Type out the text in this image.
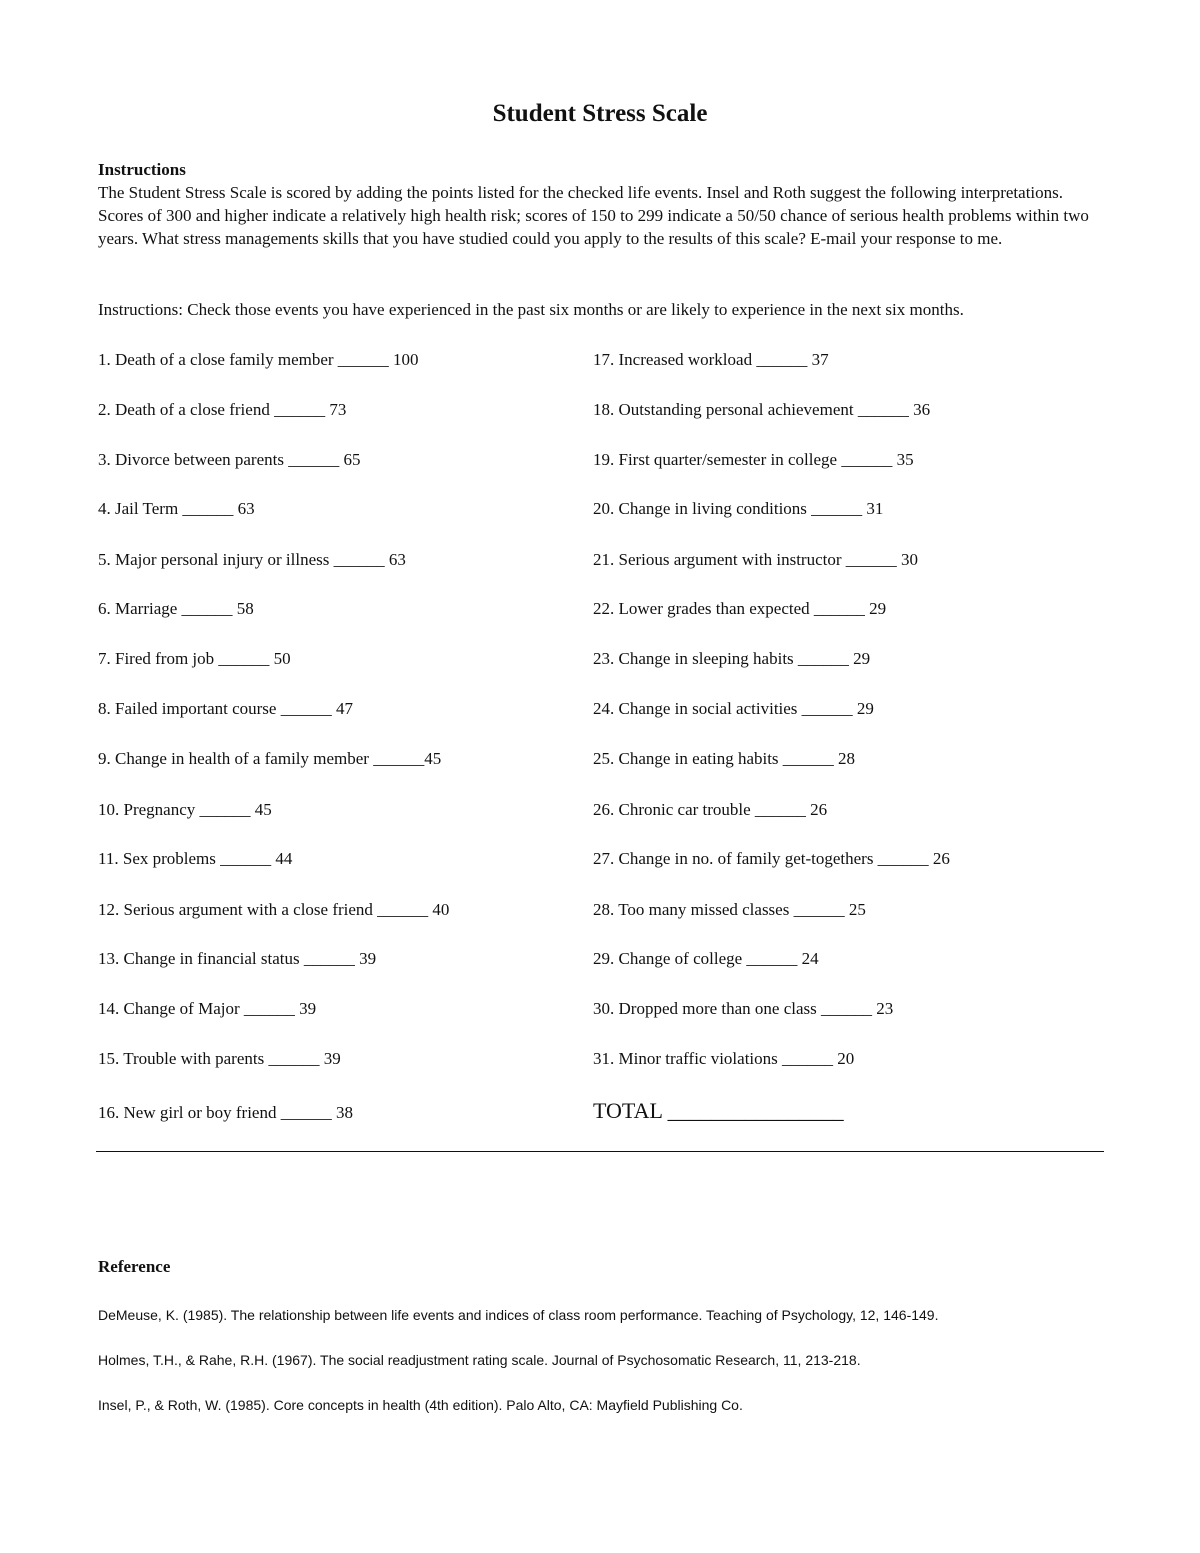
Student Stress Scale
Instructions

The Student Stress Scale is scored by adding the points listed for the checked life events. Insel and Roth suggest the following interpretations. Scores of 300 and higher indicate a relatively high health risk; scores of 150 to 299 indicate a 50/50 chance of serious health problems within two years. What stress managements skills that you have studied could you apply to the results of this scale? E-mail your response to me.

Instructions: Check those events you have experienced in the past six months or are likely to experience in the next six months.
1. Death of a close family member ______ 100
2. Death of a close friend ______ 73
3. Divorce between parents ______ 65
4. Jail Term ______ 63
5. Major personal injury or illness ______ 63
6. Marriage ______ 58
7. Fired from job ______ 50
8. Failed important course ______ 47
9. Change in health of a family member ______45
10. Pregnancy ______ 45
11. Sex problems ______ 44
12. Serious argument with a close friend ______ 40
13. Change in financial status ______ 39
14. Change of Major ______ 39
15. Trouble with parents ______ 39
16. New girl or boy friend ______ 38
17. Increased workload ______ 37
18. Outstanding personal achievement ______ 36
19. First quarter/semester in college ______ 35
20. Change in living conditions ______ 31
21. Serious argument with instructor ______ 30
22. Lower grades than expected ______ 29
23. Change in sleeping habits ______ 29
24. Change in social activities ______ 29
25. Change in eating habits ______ 28
26. Chronic car trouble ______ 26
27. Change in no. of family get-togethers ______ 26
28. Too many missed classes ______ 25
29. Change of college ______ 24
30. Dropped more than one class ______ 23
31. Minor traffic violations ______ 20
TOTAL ________________
Reference
DeMeuse, K. (1985). The relationship between life events and indices of class room performance. Teaching of Psychology, 12, 146-149.
Holmes, T.H., & Rahe, R.H. (1967). The social readjustment rating scale. Journal of Psychosomatic Research, 11, 213-218.
Insel, P., & Roth, W. (1985). Core concepts in health (4th edition). Palo Alto, CA: Mayfield Publishing Co.
